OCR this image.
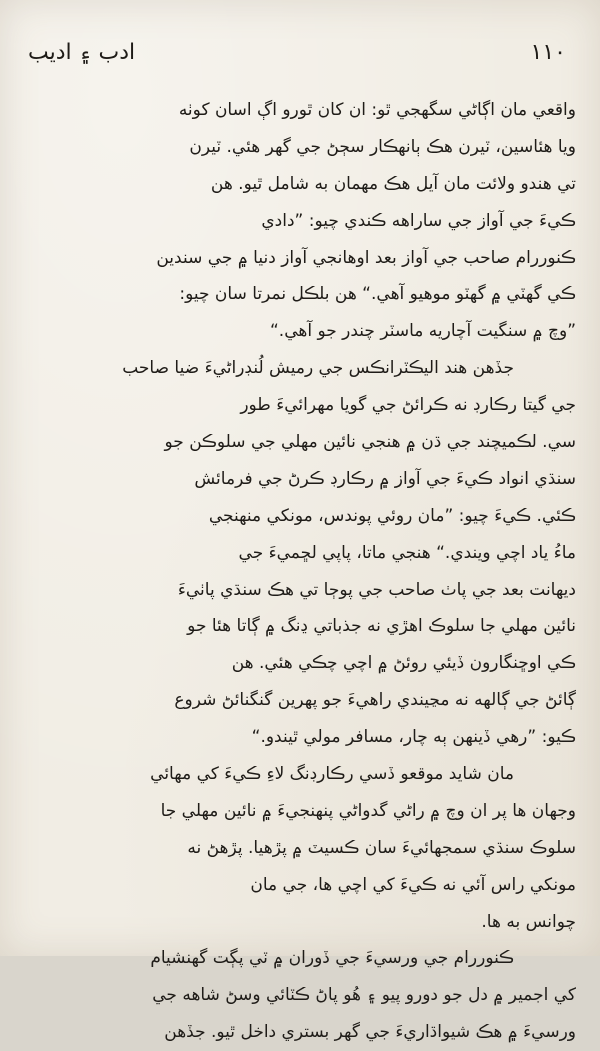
ادب ۽ اديب	١١٠
واقعي مان اڳاڻي سگهجي ٿو: ان کان ٿورو اڳ اسان کوٺه
ويا هئاسين، ٽيرن هڪ ٻانهڪار سڄڻ جي گهر هئي. ٽيرن
تي هندو ولائت مان آيل هڪ مهمان به شامل ٿيو. هن
ڪيءَ جي آواز جي ساراهه ڪندي چيو: ”دادي
ڪنوررام صاحب جي آواز بعد اوهانجي آواز دنيا ۾ جي سندين
ڪي گهٽي ۾ گهٽو موهيو آهي.“ هن بلڪل نمرتا سان چيو:
”وچ ۾ سنگيت آچاريه ماسٽر چندر جو آهي.“
جڏهن هند اليڪٽرانڪس جي رميش لُنڊراڻيءَ ضيا صاحب
جي گيتا رڪارڊ نه ڪرائڻ جي گويا مهرائيءَ طور
سي. لڪميچند جي ڌن ۾ هنجي نائين مهلي جي سلوڪن جو
سنڌي انواد ڪيءَ جي آواز ۾ رڪارڊ ڪرڻ جي فرمائش
ڪئي. ڪيءَ چيو: ”مان روئي پوندس، مونکي منهنجي
ماءُ ياد اچي ويندي.“ هنجي ماتا، پاپي لڇميءَ جي
ديهانت بعد جي پاٺ صاحب جي پوڄا تي هڪ سنڌي پاٺيءَ
نائين مهلي جا سلوڪ اهڙي نه جذباتي ڍنگ ۾ ڳاتا هئا جو
ڪي اوڇنگارون ڏيئي روئڻ ۾ اچي چڪي هئي. هن
ڳائڻ جي ڳالهه نه مڃيندي راهيءَ جو پهرين گنگنائڻ شروع
ڪيو: ”رهي ڏينهن ٻه چار، مسافر مولي ٿيندو.“
مان شايد موقعو ڏسي رڪارڊنگ لاءِ ڪيءَ کي مهائي
وجهان ها پر ان وچ ۾ راڻي گدواڻي پنهنجيءَ ۾ نائين مهلي جا
سلوڪ سنڌي سمجهائيءَ سان ڪسيٽ ۾ پڙهيا. پڙهڻ نه
مونکي راس آئي نه ڪيءَ کي اچي ها، جي مان
چوانس به ها.
ڪنوررام جي ورسيءَ جي ڏوران ۾ ٽي پڳت گهنشيام
کي اجمير ۾ دل جو دورو پيو ۽ هُو پاڻ ڪٽائي وسڻ شاهه جي
ورسيءَ ۾ هڪ شيواڌاريءَ جي گهر بستري داخل ٿيو. جڏهن
